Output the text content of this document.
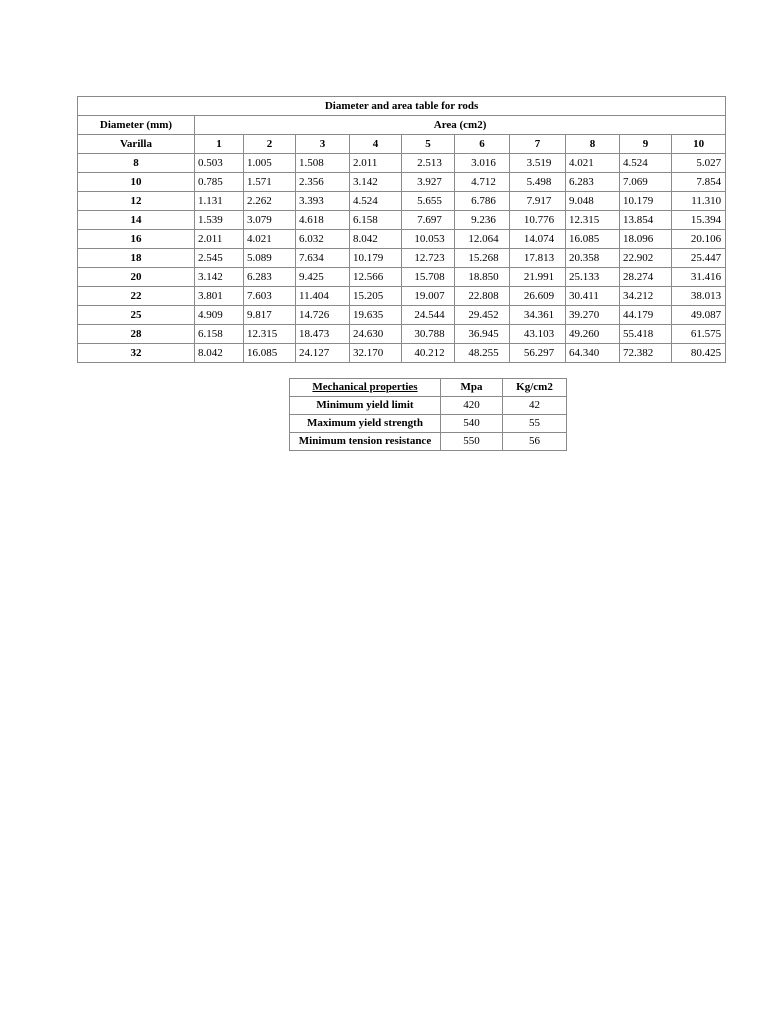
Diameter and area table for rods										
Diameter (mm)	Area (cm2)									
Varilla	1	2	3	4	5	6	7	8	9	10
8	0.503	1.005	1.508	2.011	2.513	3.016	3.519	4.021	4.524	5.027
10	0.785	1.571	2.356	3.142	3.927	4.712	5.498	6.283	7.069	7.854
12	1.131	2.262	3.393	4.524	5.655	6.786	7.917	9.048	10.179	11.310
14	1.539	3.079	4.618	6.158	7.697	9.236	10.776	12.315	13.854	15.394
16	2.011	4.021	6.032	8.042	10.053	12.064	14.074	16.085	18.096	20.106
18	2.545	5.089	7.634	10.179	12.723	15.268	17.813	20.358	22.902	25.447
20	3.142	6.283	9.425	12.566	15.708	18.850	21.991	25.133	28.274	31.416
22	3.801	7.603	11.404	15.205	19.007	22.808	26.609	30.411	34.212	38.013
25	4.909	9.817	14.726	19.635	24.544	29.452	34.361	39.270	44.179	49.087
28	6.158	12.315	18.473	24.630	30.788	36.945	43.103	49.260	55.418	61.575
32	8.042	16.085	24.127	32.170	40.212	48.255	56.297	64.340	72.382	80.425
Mechanical properties	Mpa	Kg/cm2
Minimum yield limit	420	42
Maximum yield strength	540	55
Minimum tension resistance	550	56
